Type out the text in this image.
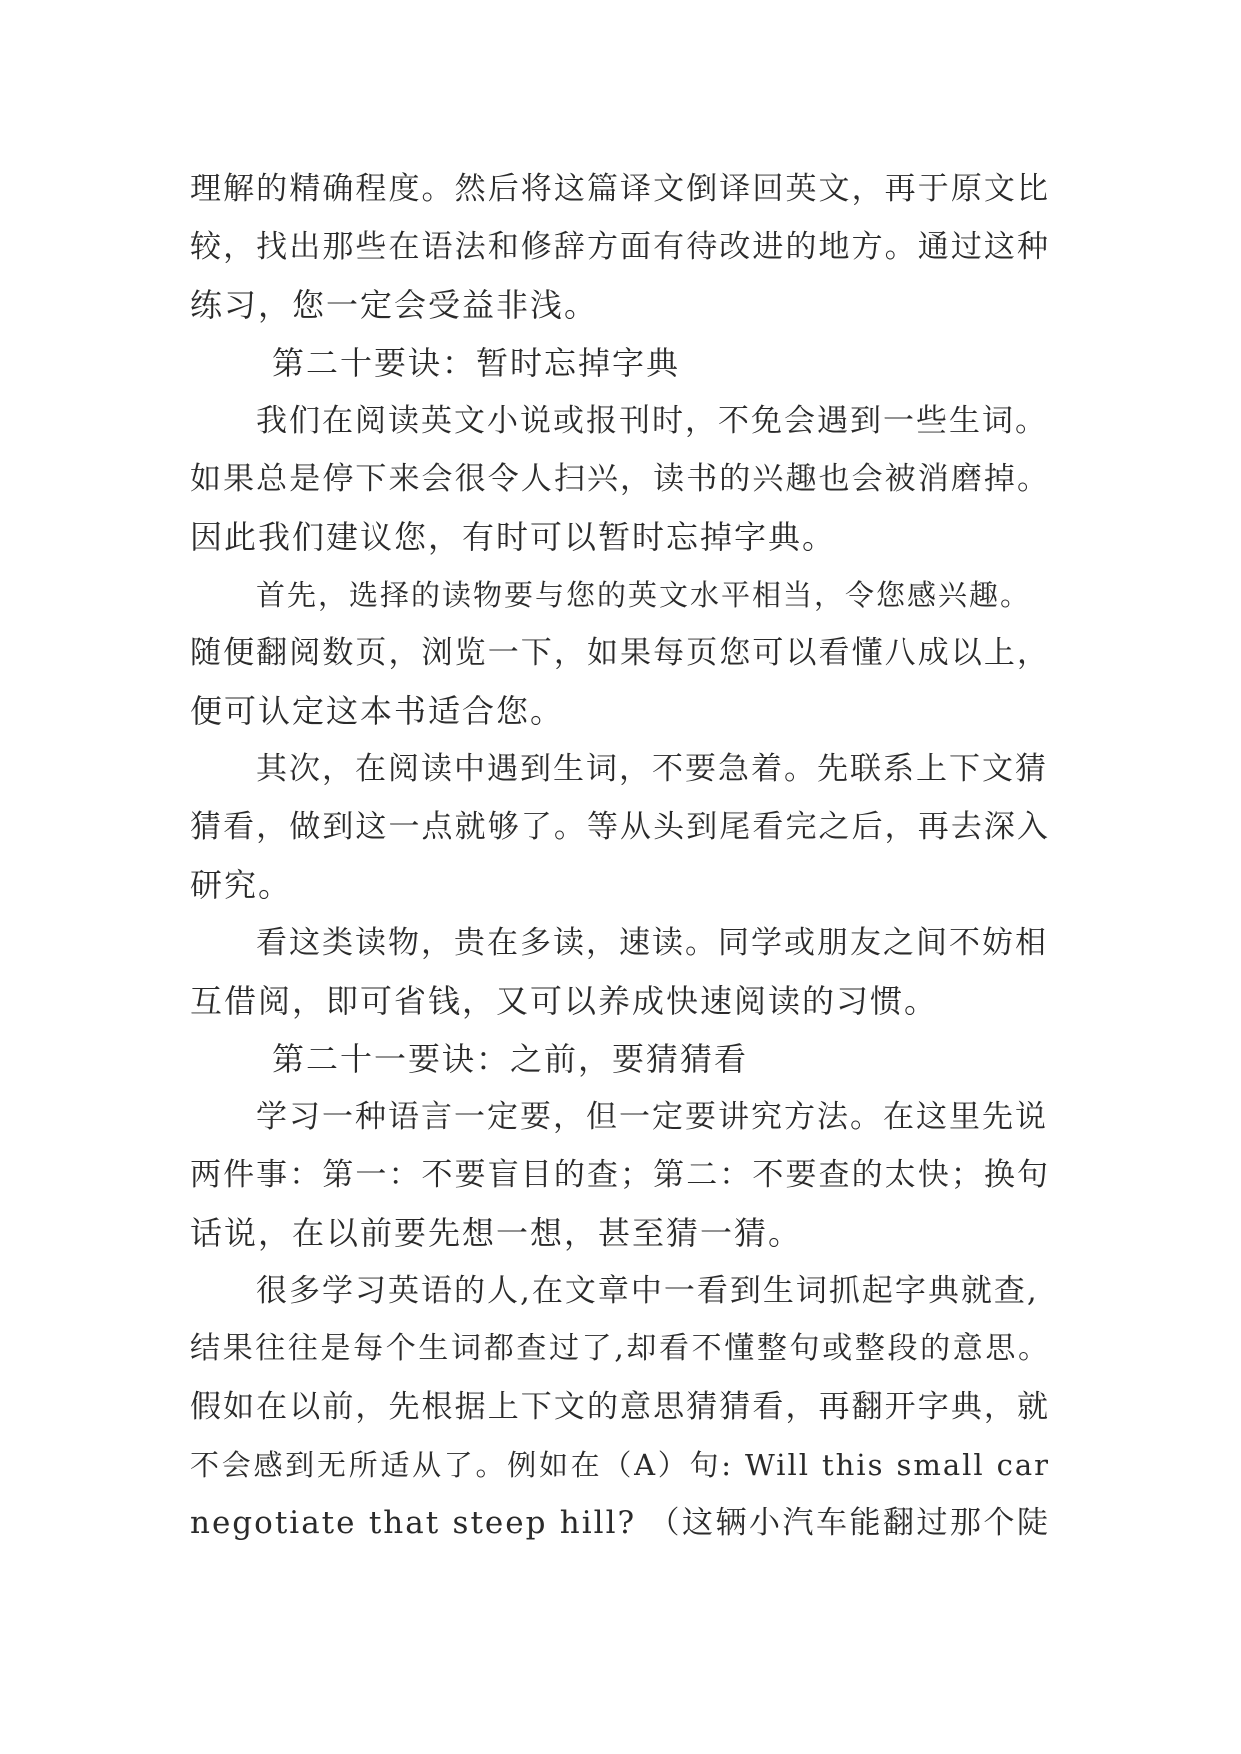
理解的精确程度。然后将这篇译文倒译回英文，再于原文比
较，找出那些在语法和修辞方面有待改进的地方。通过这种
练习，您一定会受益非浅。
第二十要诀：暂时忘掉字典
我们在阅读英文小说或报刊时，不免会遇到一些生词。
如果总是停下来会很令人扫兴，读书的兴趣也会被消磨掉。
因此我们建议您，有时可以暂时忘掉字典。
首先，选择的读物要与您的英文水平相当，令您感兴趣。
随便翻阅数页，浏览一下，如果每页您可以看懂八成以上，
便可认定这本书适合您。
其次，在阅读中遇到生词，不要急着。先联系上下文猜
猜看，做到这一点就够了。等从头到尾看完之后，再去深入
研究。
看这类读物，贵在多读，速读。同学或朋友之间不妨相
互借阅，即可省钱，又可以养成快速阅读的习惯。
第二十一要诀：之前，要猜猜看
学习一种语言一定要，但一定要讲究方法。在这里先说
两件事：第一：不要盲目的查；第二：不要查的太快；换句
话说，在以前要先想一想，甚至猜一猜。
很多学习英语的人,在文章中一看到生词抓起字典就查,
结果往往是每个生词都查过了,却看不懂整句或整段的意思。
假如在以前，先根据上下文的意思猜猜看，再翻开字典，就
不会感到无所适从了。例如在（A）句: Will this small car
negotiate that steep hill? （这辆小汽车能翻过那个陡
